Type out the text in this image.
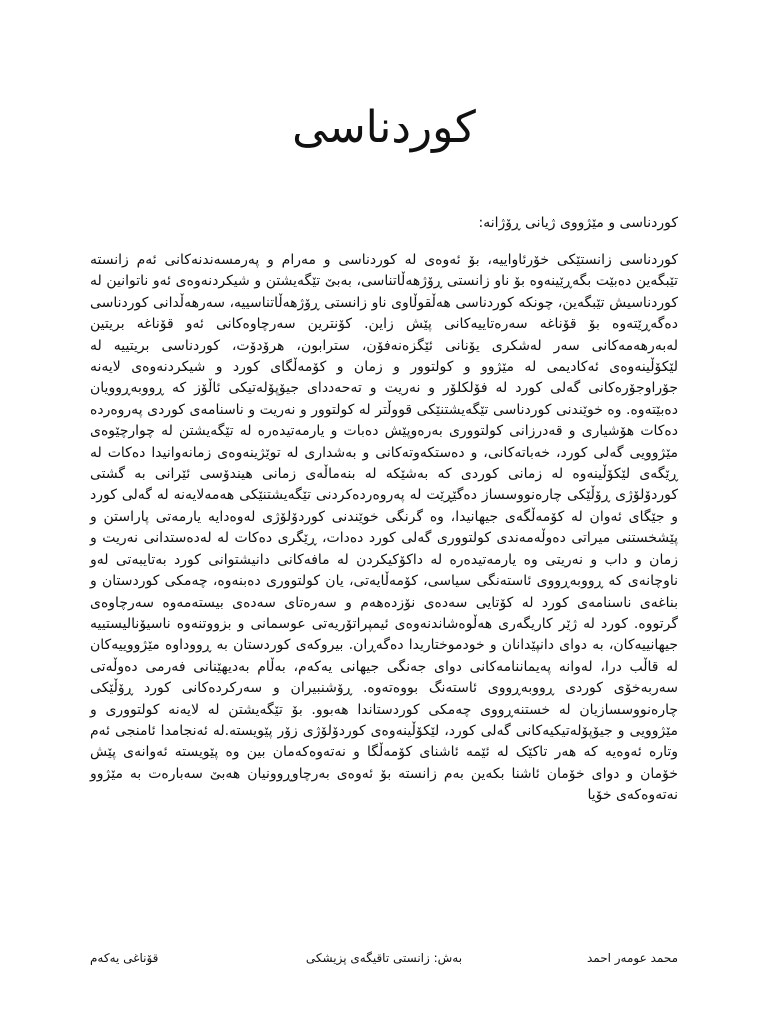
کوردناسی

کوردناسی و مێژووی ژیانی ڕۆژانە:

کوردناسی زانستێکی خۆرئاواییە، بۆ ئەوەی لە کوردناسی و مەرام و پەرمسەندنەکانی ئەم زانستە تێبگەین دەبێت بگەڕێینەوە بۆ ناو زانستی ڕۆژهەڵاتناسی، بەبێ تێگەیشتن و شیکردنەوەی ئەو ناتوانین لە کوردناسیش تێبگەین، چونکە کوردناسی هەڵقوڵاوی ناو زانستی ڕۆژهەڵاتناسییە، سەرهەڵدانی کوردناسی دەگەڕێتەوە بۆ قۆناغە سەرەتاییەکانی پێش زاین. کۆنترین سەرچاوەکانی ئەو قۆناغە بریتین لەبەرهەمەکانی سەر لەشکری یۆنانی ئێگزەنەفۆن، سترابون، هرۆدۆت، کوردناسی بریتییە لە لێکۆڵینەوەی ئەکادیمی لە مێژوو و کولتوور و زمان و کۆمەڵگای کورد و شیکردنەوەی لایەنە جۆراوجۆرەکانی گەلی کورد لە فۆلکلۆر و نەریت و تەحەددای جیۆپۆلەتیکی ئاڵۆز کە ڕووبەڕوویان دەبێتەوە. وە خوێندنی کوردناسی تێگەیشتنێکی قووڵتر لە کولتوور و نەریت و ناسنامەی کوردی پەروەردە دەکات هۆشیاری و قەدرزانی کولتووری بەرەوپێش دەبات و یارمەتیدەرە لە تێگەیشتن لە چوارچێوەی مێژوویی گەلی کورد، خەباتەکانی، و دەستکەوتەکانی و بەشداری لە توێژینەوەی زمانەوانیدا دەکات لە ڕێگەی لێکۆڵینەوە لە زمانی کوردی کە بەشێکە لە بنەماڵەی زمانی هیندۆسی ئێرانی بە گشتی کوردۆلۆژی ڕۆڵێکی چارەنووسساز دەگێڕێت لە پەروەردەکردنی تێگەیشتنێکی هەمەلایەنە لە گەلی کورد و جێگای ئەوان لە کۆمەڵگەی جیهانیدا، وە گرنگی خوێندنی کوردۆلۆژی لەوەدایە یارمەتی پاراستن و پێشخستنی میراتی دەوڵەمەندی کولتووری گەلی کورد دەدات، ڕێگری دەکات لە لەدەستدانی نەریت و زمان و داب و نەریتی وە یارمەتیدەرە لە داکۆکیکردن لە مافەکانی دانیشتوانی کورد بەتایبەتی لەو ناوچانەی کە ڕووبەڕووی ئاستەنگی سیاسی، کۆمەڵایەتی، یان کولتووری دەبنەوە، چەمکی کوردستان و بناغەی ناسنامەی کورد لە کۆتایی سەدەی نۆزدەهەم و سەرەتای سەدەی بیستەمەوە سەرچاوەی گرتووە. کورد لە ژێر کاریگەری هەڵوەشاندنەوەی ئیمپراتۆریەتی عوسمانی و بزووتنەوە ناسیۆنالیستییە جیهانییەکان، بە دوای دانپێدانان و خودموختاریدا دەگەڕان. بیروکەی کوردستان بە ڕووداوە مێژووییەکان لە قاڵب درا، لەوانە پەیماننامەکانی دوای جەنگی جیهانی یەکەم، بەڵام بەدیهێنانی فەرمی دەوڵەتی سەربەخۆی کوردی ڕووبەڕووی ئاستەنگ بووەتەوە. ڕۆشنبیران و سەرکردەکانی کورد ڕۆڵێکی چارەنووسسازیان لە خستنەڕووی چەمکی کوردستاندا هەبوو. بۆ تێگەیشتن لە لایەنە کولتووری و مێژوویی و جیۆپۆلەتیکیەکانی گەلی کورد، لێکۆڵینەوەی کوردۆلۆژی زۆر پێویستە.لە ئەنجامدا ئامنجی ئەم وتارە ئەوەیە کە هەر تاکێک لە ئێمە ئاشنای کۆمەڵگا و نەتەوەکەمان بین وە پێویستە ئەوانەی پێش خۆمان و دوای خۆمان ئاشنا بکەین بەم زانستە بۆ ئەوەی بەرچاوڕوونیان هەبێ سەبارەت بە مێژوو نەتەوەکەی خۆیا

محمد عومەر احمد
بەش: زانستی تاقیگەی پزیشکی
قۆناغی یەکەم
